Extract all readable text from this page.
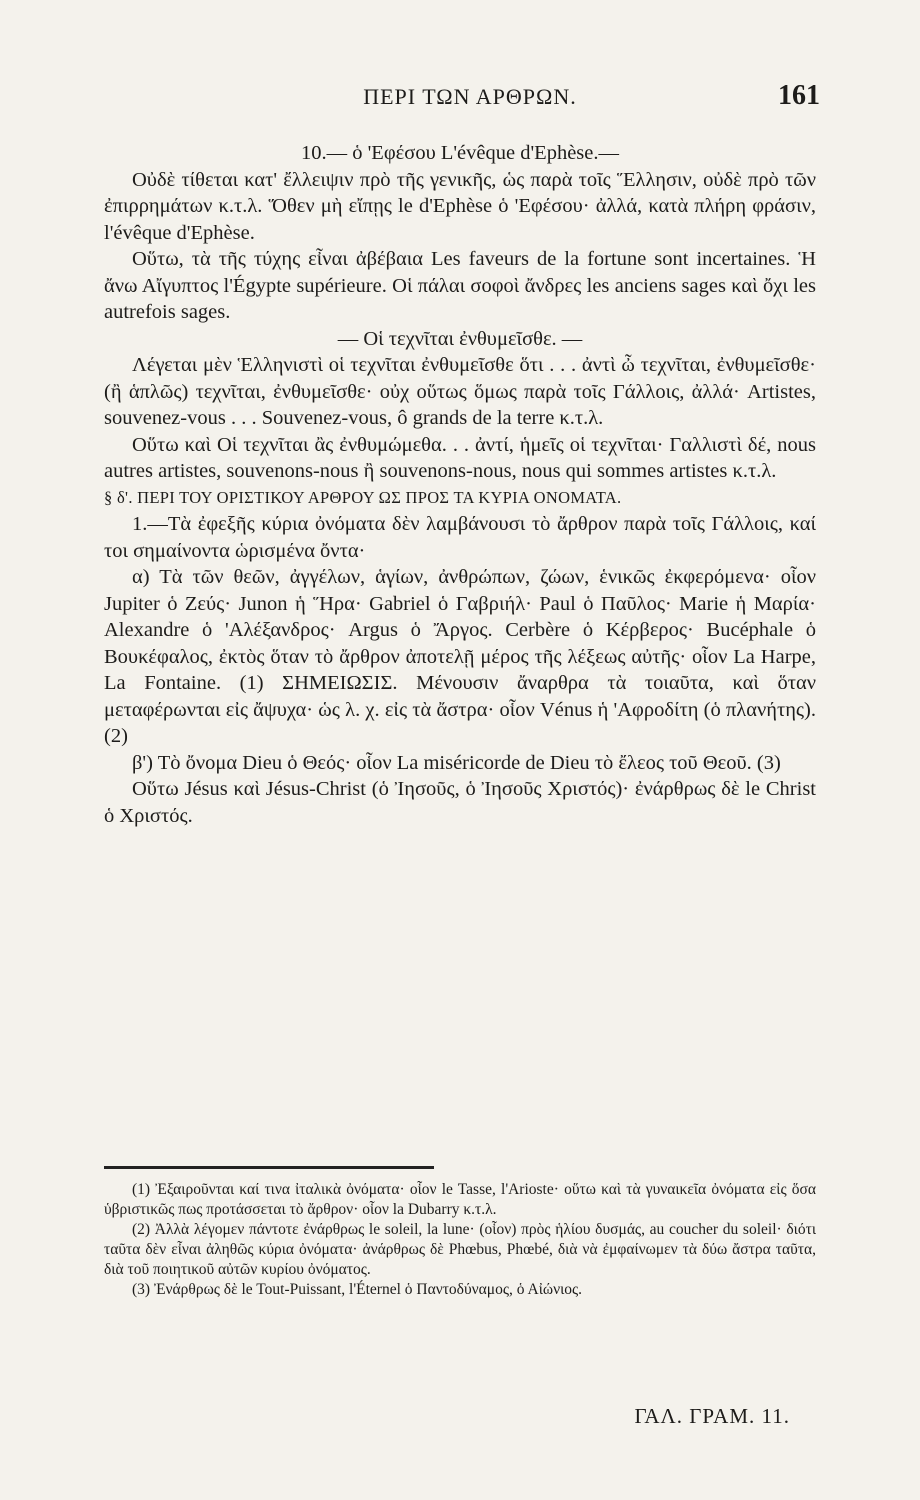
ΠΕΡΙ ΤΩΝ ΑΡΘΡΩΝ.	161

10.— ὁ 'Εφέσου L'évêque d'Ephèse.—

Οὐδὲ τίθεται κατ' ἔλλειψιν πρὸ τῆς γενικῆς, ὡς παρὰ τοῖς Ἕλλησιν, οὐδὲ πρὸ τῶν ἐπιρρημάτων κ.τ.λ. Ὅθεν μὴ εἴπῃς le d'Ephèse ὁ 'Εφέσου· ἀλλά, κατὰ πλήρη φράσιν, l'évêque d'Ephèse.

Οὕτω, τὰ τῆς τύχης εἶναι ἀβέβαια Les faveurs de la fortune sont incertaines. Ἡ ἄνω Αἴγυπτος l'Égypte supérieure. Οἱ πάλαι σοφοὶ ἄνδρες les anciens sages καὶ ὄχι les autrefois sages.

— Οἱ τεχνῖται ἐνθυμεῖσθε. —

Λέγεται μὲν Ἑλληνιστὶ οἱ τεχνῖται ἐνθυμεῖσθε ὅτι . . . ἀντὶ ὦ τεχνῖται, ἐνθυμεῖσθε· (ἢ ἁπλῶς) τεχνῖται, ἐνθυμεῖσθε· οὐχ οὕτως ὅμως παρὰ τοῖς Γάλλοις, ἀλλά· Artistes, souvenez-vous . . . Souvenez-vous, ô grands de la terre κ.τ.λ.

Οὕτω καὶ Οἱ τεχνῖται ἂς ἐνθυμώμεθα. . . ἀντί, ἡμεῖς οἱ τεχνῖται· Γαλλιστὶ δέ, nous autres artistes, souvenons-nous ἢ souvenons-nous, nous qui sommes artistes κ.τ.λ.

§ δ'. ΠΕΡΙ ΤΟΥ ΟΡΙΣΤΙΚΟΥ ΑΡΘΡΟΥ ΩΣ ΠΡΟΣ ΤΑ ΚΥΡΙΑ ΟΝΟΜΑΤΑ.

1.—Τὰ ἐφεξῆς κύρια ὀνόματα δὲν λαμβάνουσι τὸ ἄρθρον παρὰ τοῖς Γάλλοις, καί τοι σημαίνοντα ὡρισμένα ὄντα·

α) Τὰ τῶν θεῶν, ἀγγέλων, ἁγίων, ἀνθρώπων, ζώων, ἑνικῶς ἐκφερόμενα· οἷον Jupiter ὁ Ζεύς· Junon ἡ Ἥρα· Gabriel ὁ Γαβριήλ· Paul ὁ Παῦλος· Marie ἡ Μαρία· Alexandre ὁ 'Αλέξανδρος· Argus ὁ Ἄργος. Cerbère ὁ Κέρβερος· Bucéphale ὁ Βουκέφαλος, ἐκτὸς ὅταν τὸ ἄρθρον ἀποτελῇ μέρος τῆς λέξεως αὐτῆς· οἷον La Harpe, La Fontaine. (1) ΣΗΜΕΙΩΣΙΣ. Μένουσιν ἄναρθρα τὰ τοιαῦτα, καὶ ὅταν μεταφέρωνται εἰς ἄψυχα· ὡς λ. χ. εἰς τὰ ἄστρα· οἷον Vénus ἡ 'Αφροδίτη (ὁ πλανήτης). (2)

β') Τὸ ὄνομα Dieu ὁ Θεός· οἷον La miséricorde de Dieu τὸ ἔλεος τοῦ Θεοῦ. (3)

Οὕτω Jésus καὶ Jésus-Christ (ὁ Ἰησοῦς, ὁ Ἰησοῦς Χριστός)· ἐνάρθρως δὲ le Christ ὁ Χριστός.

(1) Ἐξαιροῦνται καί τινα ἰταλικὰ ὀνόματα· οἷον le Tasse, l'Arioste· οὕτω καὶ τὰ γυναικεῖα ὀνόματα εἰς ὅσα ὑβριστικῶς πως προτάσσεται τὸ ἄρθρον· οἷον la Dubarry κ.τ.λ.

(2) Ἀλλὰ λέγομεν πάντοτε ἐνάρθρως le soleil, la lune· (οἷον) πρὸς ἡλίου δυσμάς, au coucher du soleil· διότι ταῦτα δὲν εἶναι ἀληθῶς κύρια ὀνόματα· ἀνάρθρως δὲ Phœbus, Phœbé, διὰ νὰ ἐμφαίνωμεν τὰ δύω ἄστρα ταῦτα, διὰ τοῦ ποιητικοῦ αὐτῶν κυρίου ὀνόματος.

(3) Ἐνάρθρως δὲ le Tout-Puissant, l'Éternel ὁ Παντοδύναμος, ὁ Αἰώνιος.

ΓΑΛ. ΓΡΑΜ. 11.
